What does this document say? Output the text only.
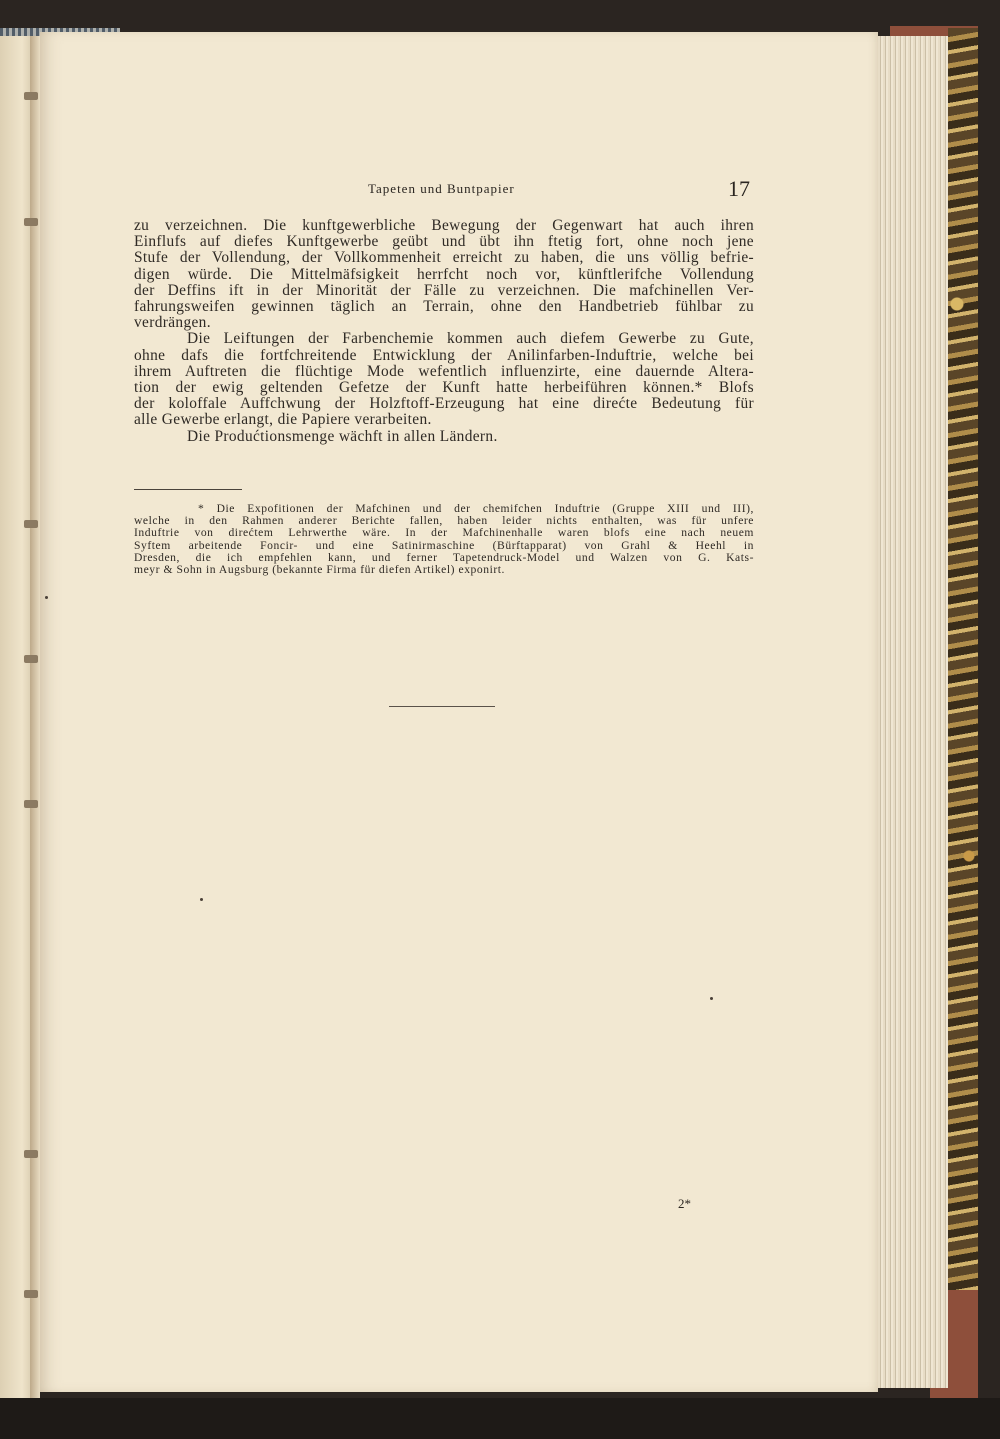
Tapeten und Buntpapier	17
zu verzeichnen. Die kunftgewerbliche Bewegung der Gegenwart hat auch ihren
Einflufs auf diefes Kunftgewerbe geübt und übt ihn ftetig fort, ohne noch jene
Stufe der Vollendung, der Vollkommenheit erreicht zu haben, die uns völlig befrie-
digen würde. Die Mittelmäfsigkeit herrfcht noch vor, künftlerifche Vollendung
der Deffins ift in der Minorität der Fälle zu verzeichnen. Die mafchinellen Ver-
fahrungsweifen gewinnen täglich an Terrain, ohne den Handbetrieb fühlbar zu
verdrängen.
Die Leiftungen der Farbenchemie kommen auch diefem Gewerbe zu Gute,
ohne dafs die fortfchreitende Entwicklung der Anilinfarben-Induftrie, welche bei
ihrem Auftreten die flüchtige Mode wefentlich influenzirte, eine dauernde Altera-
tion der ewig geltenden Gefetze der Kunft hatte herbeiführen können.* Blofs
der koloffale Auffchwung der Holzftoff-Erzeugung hat eine direćte Bedeutung für
alle Gewerbe erlangt, die Papiere verarbeiten.
Die Produćtionsmenge wächft in allen Ländern.
* Die Expofitionen der Mafchinen und der chemifchen Induftrie (Gruppe XIII und III),
welche in den Rahmen anderer Berichte fallen, haben leider nichts enthalten, was für unfere
Induftrie von direćtem Lehrwerthe wäre. In der Mafchinenhalle waren blofs eine nach neuem
Syftem arbeitende Foncir- und eine Satinirmaschine (Bürftapparat) von Grahl & Heehl in
Dresden, die ich empfehlen kann, und ferner Tapetendruck-Model und Walzen von G. Kats-
meyr & Sohn in Augsburg (bekannte Firma für diefen Artikel) exponirt.
2*
